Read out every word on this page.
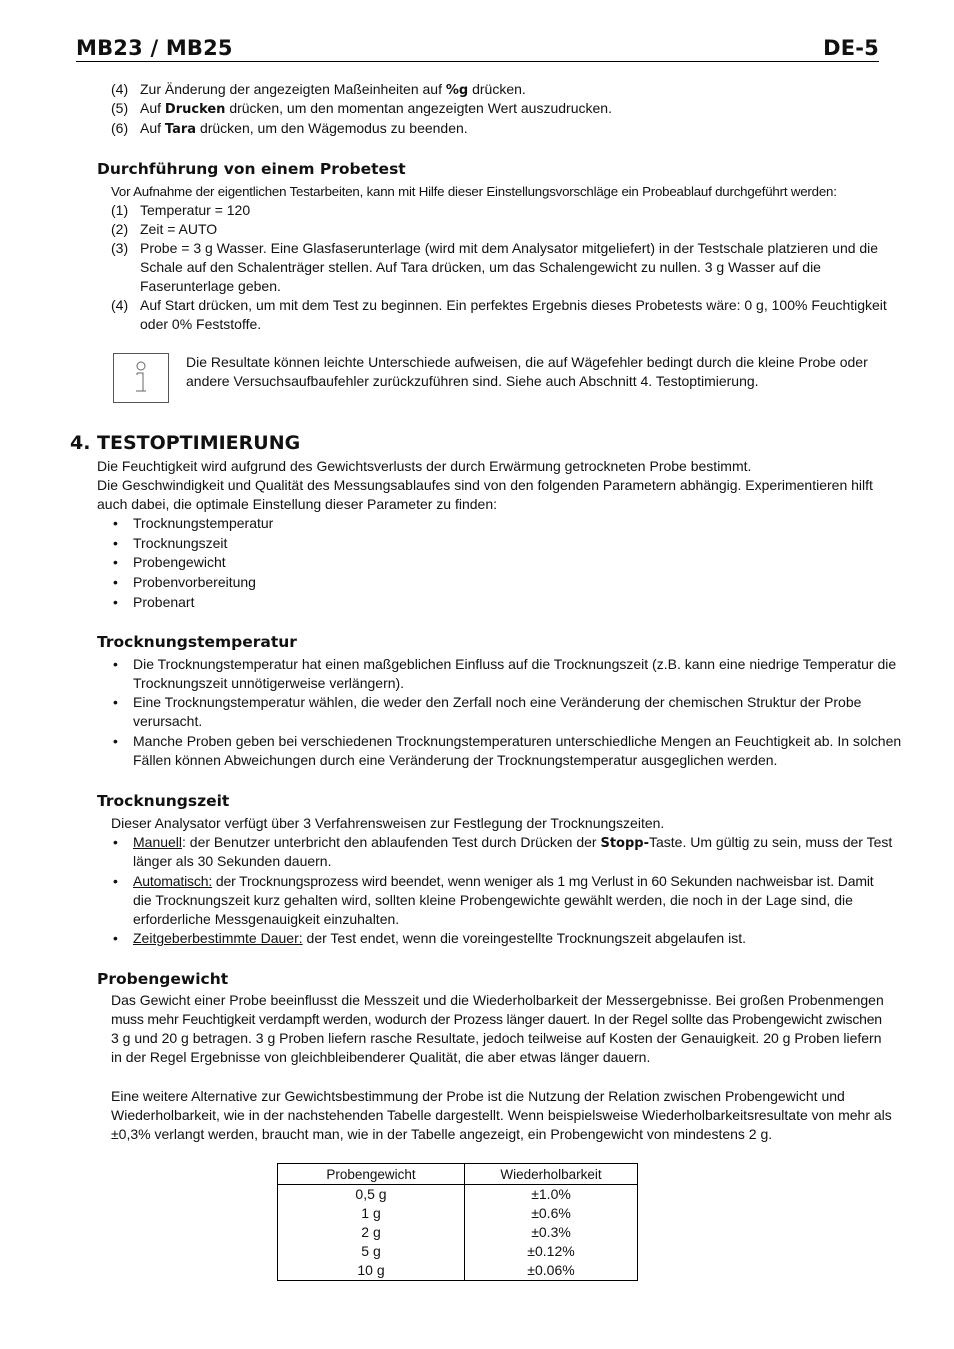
MB23 / MB25	DE-5
(4) Zur Änderung der angezeigten Maßeinheiten auf %g drücken.
(5) Auf Drucken drücken, um den momentan angezeigten Wert auszudrucken.
(6) Auf Tara drücken, um den Wägemodus zu beenden.
Durchführung von einem Probetest
Vor Aufnahme der eigentlichen Testarbeiten, kann mit Hilfe dieser Einstellungsvorschläge ein Probeablauf durchgeführt werden:
(1) Temperatur = 120
(2) Zeit = AUTO
(3) Probe = 3 g Wasser. Eine Glasfaserunterlage (wird mit dem Analysator mitgeliefert) in der Testschale platzieren und die
Schale auf den Schalenträger stellen. Auf Tara drücken, um das Schalengewicht zu nullen. 3 g Wasser auf die
Faserunterlage geben.
(4) Auf Start drücken, um mit dem Test zu beginnen. Ein perfektes Ergebnis dieses Probetests wäre: 0 g, 100% Feuchtigkeit
oder 0% Feststoffe.
Die Resultate können leichte Unterschiede aufweisen, die auf Wägefehler bedingt durch die kleine Probe oder
andere Versuchsaufbaufehler zurückzuführen sind. Siehe auch Abschnitt 4. Testoptimierung.
4. TESTOPTIMIERUNG
Die Feuchtigkeit wird aufgrund des Gewichtsverlusts der durch Erwärmung getrockneten Probe bestimmt.
Die Geschwindigkeit und Qualität des Messungsablaufes sind von den folgenden Parametern abhängig. Experimentieren hilft
auch dabei, die optimale Einstellung dieser Parameter zu finden:
• Trocknungstemperatur
• Trocknungszeit
• Probengewicht
• Probenvorbereitung
• Probenart
Trocknungstemperatur
• Die Trocknungstemperatur hat einen maßgeblichen Einfluss auf die Trocknungszeit (z.B. kann eine niedrige Temperatur die
Trocknungszeit unnötigerweise verlängern).
• Eine Trocknungstemperatur wählen, die weder den Zerfall noch eine Veränderung der chemischen Struktur der Probe
verursacht.
• Manche Proben geben bei verschiedenen Trocknungstemperaturen unterschiedliche Mengen an Feuchtigkeit ab. In solchen
Fällen können Abweichungen durch eine Veränderung der Trocknungstemperatur ausgeglichen werden.
Trocknungszeit
Dieser Analysator verfügt über 3 Verfahrensweisen zur Festlegung der Trocknungszeiten.
• Manuell: der Benutzer unterbricht den ablaufenden Test durch Drücken der Stopp-Taste. Um gültig zu sein, muss der Test
länger als 30 Sekunden dauern.
• Automatisch: der Trocknungsprozess wird beendet, wenn weniger als 1 mg Verlust in 60 Sekunden nachweisbar ist. Damit
die Trocknungszeit kurz gehalten wird, sollten kleine Probengewichte gewählt werden, die noch in der Lage sind, die
erforderliche Messgenauigkeit einzuhalten.
• Zeitgeberbestimmte Dauer: der Test endet, wenn die voreingestellte Trocknungszeit abgelaufen ist.
Probengewicht
Das Gewicht einer Probe beeinflusst die Messzeit und die Wiederholbarkeit der Messergebnisse. Bei großen Probenmengen
muss mehr Feuchtigkeit verdampft werden, wodurch der Prozess länger dauert. In der Regel sollte das Probengewicht zwischen
3 g und 20 g betragen. 3 g Proben liefern rasche Resultate, jedoch teilweise auf Kosten der Genauigkeit. 20 g Proben liefern
in der Regel Ergebnisse von gleichbleibenderer Qualität, die aber etwas länger dauern.
Eine weitere Alternative zur Gewichtsbestimmung der Probe ist die Nutzung der Relation zwischen Probengewicht und
Wiederholbarkeit, wie in der nachstehenden Tabelle dargestellt. Wenn beispielsweise Wiederholbarkeitsresultate von mehr als
±0,3% verlangt werden, braucht man, wie in der Tabelle angezeigt, ein Probengewicht von mindestens 2 g.
Probengewicht	Wiederholbarkeit
0,5 g	±1.0%
1 g	±0.6%
2 g	±0.3%
5 g	±0.12%
10 g	±0.06%
